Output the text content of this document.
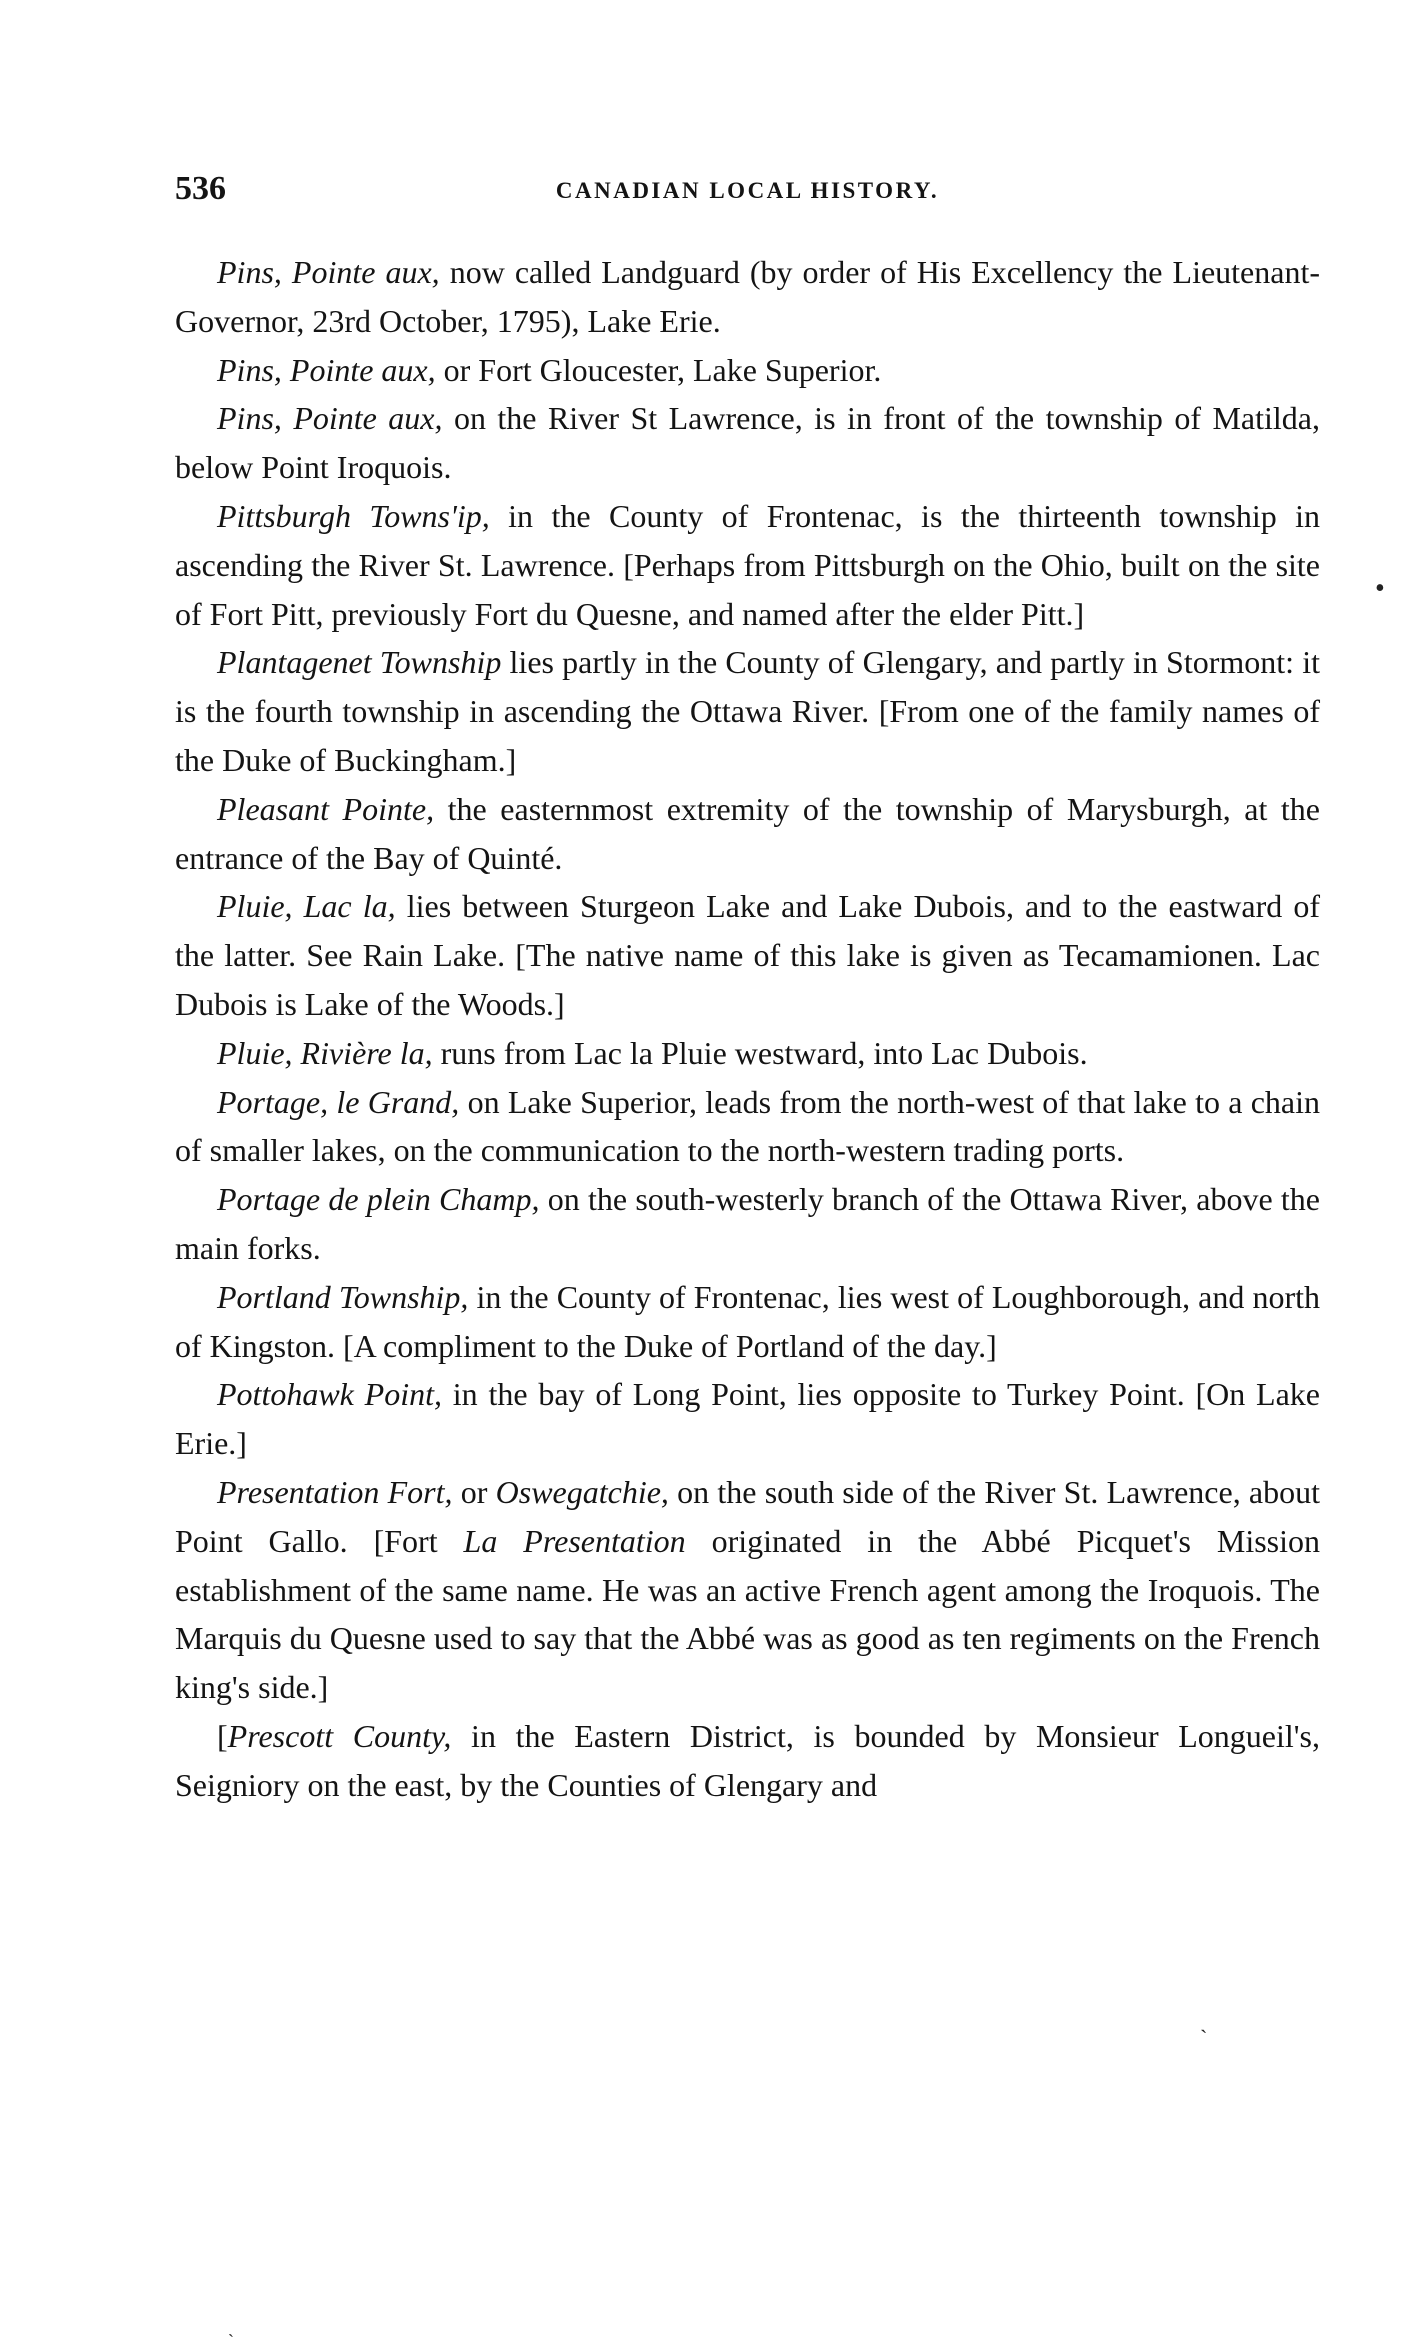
536	CANADIAN LOCAL HISTORY.

Pins, Pointe aux, now called Landguard (by order of His Excellency the Lieutenant-Governor, 23rd October, 1795), Lake Erie.

Pins, Pointe aux, or Fort Gloucester, Lake Superior.

Pins, Pointe aux, on the River St Lawrence, is in front of the township of Matilda, below Point Iroquois.

Pittsburgh Towns'ip, in the County of Frontenac, is the thirteenth township in ascending the River St. Lawrence. [Perhaps from Pittsburgh on the Ohio, built on the site of Fort Pitt, previously Fort du Quesne, and named after the elder Pitt.]

Plantagenet Township lies partly in the County of Glengary, and partly in Stormont: it is the fourth township in ascending the Ottawa River. [From one of the family names of the Duke of Buckingham.]

Pleasant Pointe, the easternmost extremity of the township of Marysburgh, at the entrance of the Bay of Quinté.

Pluie, Lac la, lies between Sturgeon Lake and Lake Dubois, and to the eastward of the latter. See Rain Lake. [The native name of this lake is given as Tecamamionen. Lac Dubois is Lake of the Woods.]

Pluie, Rivière la, runs from Lac la Pluie westward, into Lac Dubois.

Portage, le Grand, on Lake Superior, leads from the north-west of that lake to a chain of smaller lakes, on the communication to the north-western trading ports.

Portage de plein Champ, on the south-westerly branch of the Ottawa River, above the main forks.

Portland Township, in the County of Frontenac, lies west of Loughborough, and north of Kingston. [A compliment to the Duke of Portland of the day.]

Pottohawk Point, in the bay of Long Point, lies opposite to Turkey Point. [On Lake Erie.]

Presentation Fort, or Oswegatchie, on the south side of the River St. Lawrence, about Point Gallo. [Fort La Presentation originated in the Abbé Picquet's Mission establishment of the same name. He was an active French agent among the Iroquois. The Marquis du Quesne used to say that the Abbé was as good as ten regiments on the French king's side.]

[Prescott County, in the Eastern District, is bounded by Monsieur Longueil's, Seigniory on the east, by the Counties of Glengary and

•
ˏ
ˎ
